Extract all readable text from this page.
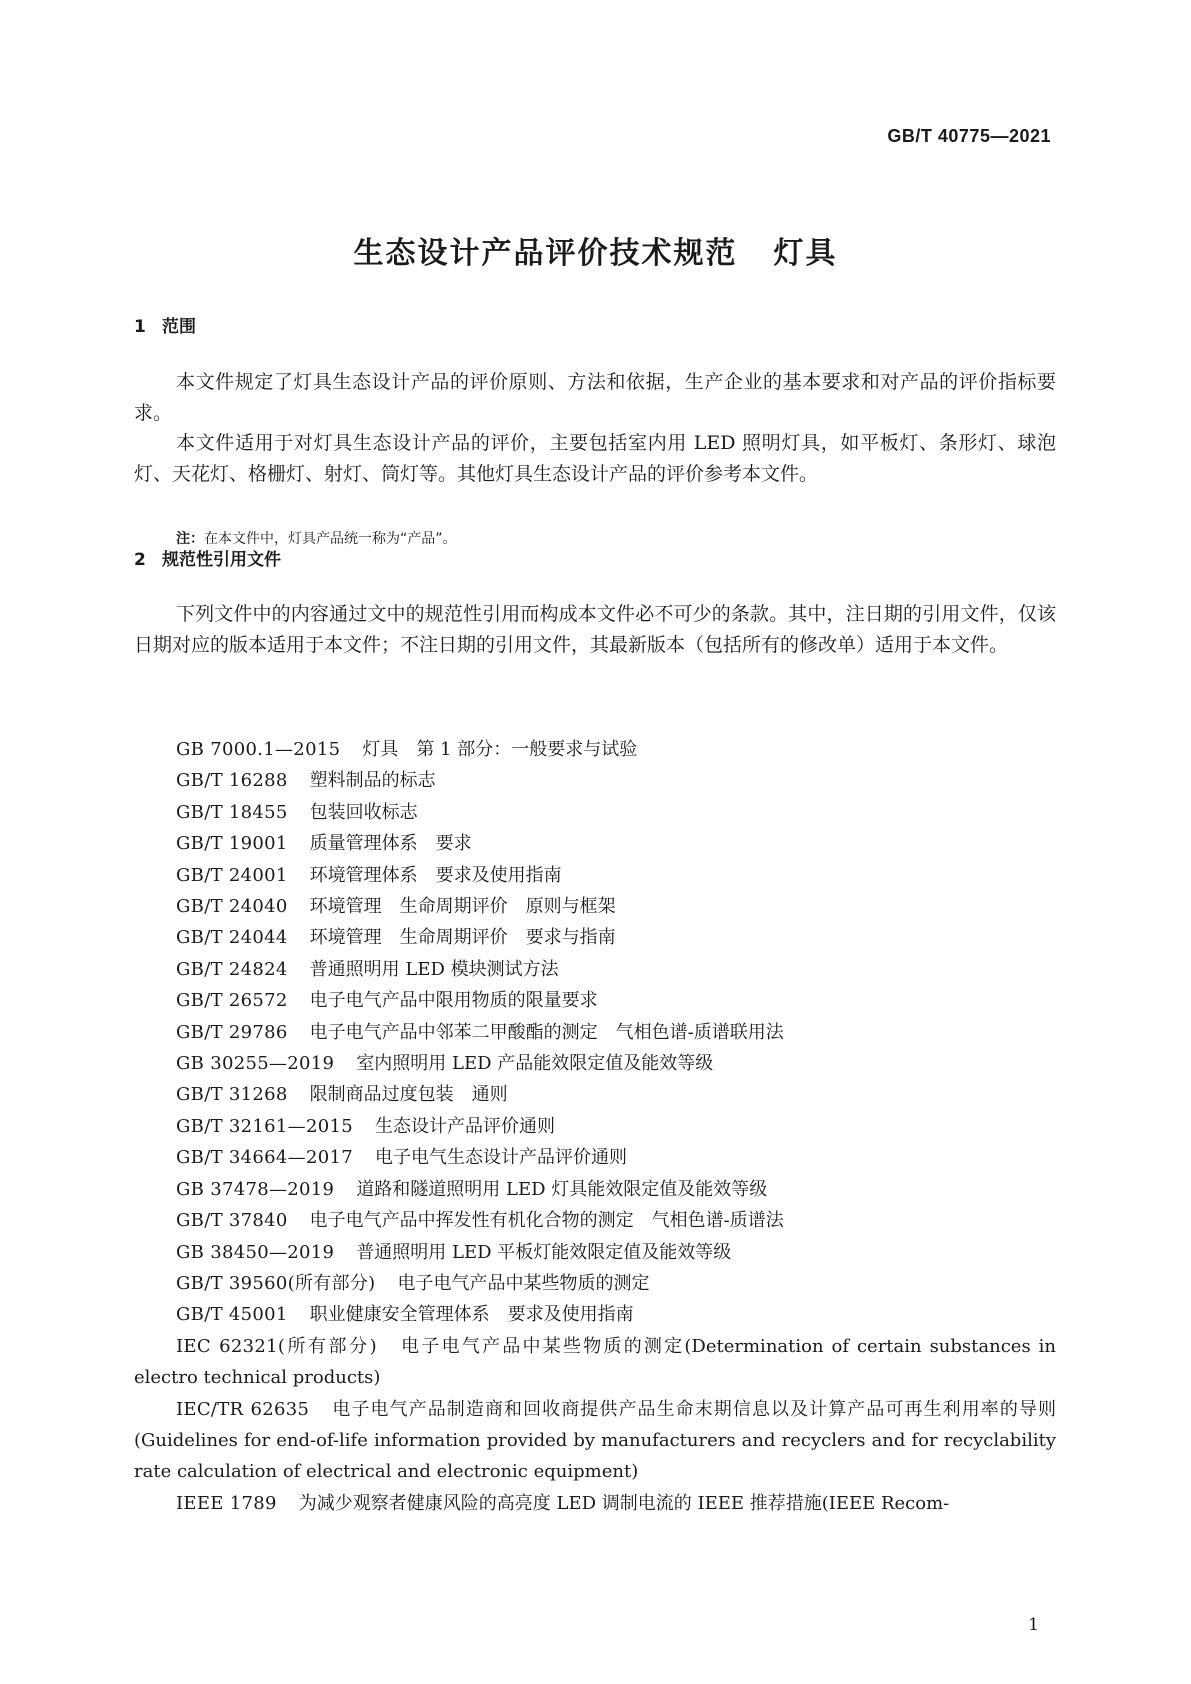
GB/T 40775—2021
生态设计产品评价技术规范 灯具
1 范围

本文件规定了灯具生态设计产品的评价原则、方法和依据，生产企业的基本要求和对产品的评价指标要求。

本文件适用于对灯具生态设计产品的评价，主要包括室内用 LED 照明灯具，如平板灯、条形灯、球泡灯、天花灯、格栅灯、射灯、筒灯等。其他灯具生态设计产品的评价参考本文件。

注：在本文件中，灯具产品统一称为“产品”。
2 规范性引用文件

下列文件中的内容通过文中的规范性引用而构成本文件必不可少的条款。其中，注日期的引用文件，仅该日期对应的版本适用于本文件；不注日期的引用文件，其最新版本（包括所有的修改单）适用于本文件。

GB 7000.1—2015 灯具　第 1 部分：一般要求与试验
GB/T 16288 塑料制品的标志
GB/T 18455 包装回收标志
GB/T 19001 质量管理体系　要求
GB/T 24001 环境管理体系　要求及使用指南
GB/T 24040 环境管理　生命周期评价　原则与框架
GB/T 24044 环境管理　生命周期评价　要求与指南
GB/T 24824 普通照明用 LED 模块测试方法
GB/T 26572 电子电气产品中限用物质的限量要求
GB/T 29786 电子电气产品中邻苯二甲酸酯的测定　气相色谱-质谱联用法
GB 30255—2019 室内照明用 LED 产品能效限定值及能效等级
GB/T 31268 限制商品过度包装　通则
GB/T 32161—2015 生态设计产品评价通则
GB/T 34664—2017 电子电气生态设计产品评价通则
GB 37478—2019 道路和隧道照明用 LED 灯具能效限定值及能效等级
GB/T 37840 电子电气产品中挥发性有机化合物的测定　气相色谱-质谱法
GB 38450—2019 普通照明用 LED 平板灯能效限定值及能效等级
GB/T 39560(所有部分) 电子电气产品中某些物质的测定
GB/T 45001 职业健康安全管理体系　要求及使用指南
IEC 62321(所有部分) 电子电气产品中某些物质的测定(Determination of certain substances in electro technical products)
IEC/TR 62635 电子电气产品制造商和回收商提供产品生命末期信息以及计算产品可再生利用率的导则(Guidelines for end-of-life information provided by manufacturers and recyclers and for recyclability rate calculation of electrical and electronic equipment)
IEEE 1789 为减少观察者健康风险的高亮度 LED 调制电流的 IEEE 推荐措施(IEEE Recom-
1
